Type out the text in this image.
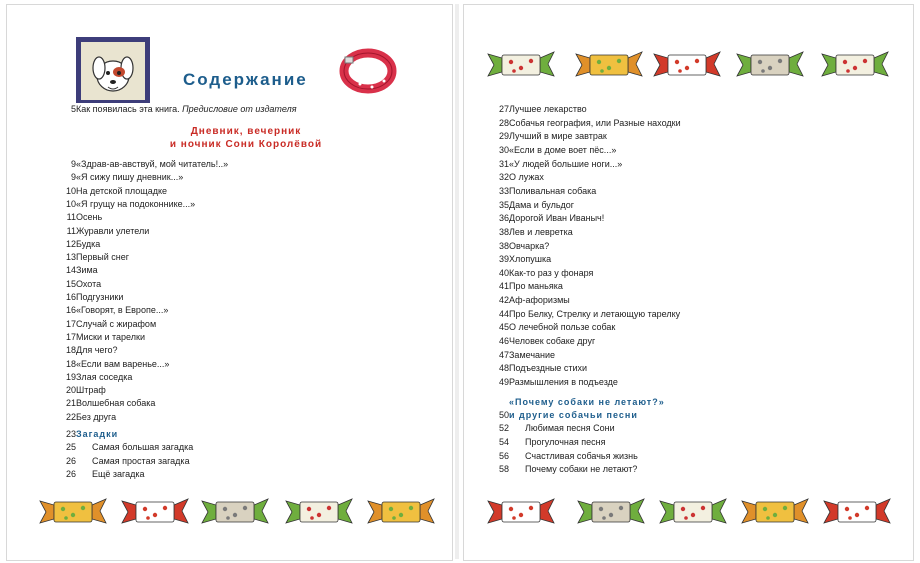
Содержание
Как появилась эта книга. Предисловие от издателя
5
Дневник, вечерник
и ночник Сони Королёвой
«Здрав-ав-авствуй, мой читатель!..»
9
«Я сижу пишу дневник...»
9
На детской площадке
10
«Я грущу на подоконнике...»
10
Осень
11
Журавли улетели
11
Будка
12
Первый снег
13
Зима
14
Охота
15
Подгузники
16
«Говорят, в Европе...»
16
Случай с жирафом
17
Миски и тарелки
17
Для чего?
18
«Если вам варенье...»
18
Злая соседка
19
Штраф
20
Волшебная собака
21
Без друга
22
Загадки
23
Самая большая загадка
25
Самая простая загадка
26
Ещё загадка
26
Лучшее лекарство
27
Собачья география, или Разные находки
28
Лучший в мире завтрак
29
«Если в доме воет пёс...»
30
«У людей большие ноги...»
31
О лужах
32
Поливальная собака
33
Дама и бульдог
35
Дорогой Иван Иваныч!
36
Лев и левретка
38
Овчарка?
38
Хлопушка
39
Как-то раз у фонаря
40
Про маньяка
41
Аф-афоризмы
42
Про Белку, Стрелку и летающую тарелку
44
О лечебной пользе собак
45
Человек собаке друг
46
Замечание
47
Подъездные стихи
48
Размышления в подъезде
49
«Почему собаки не летают?»
и другие собачьи песни
50
Любимая песня Сони
52
Прогулочная песня
54
Счастливая собачья жизнь
56
Почему собаки не летают?
58
